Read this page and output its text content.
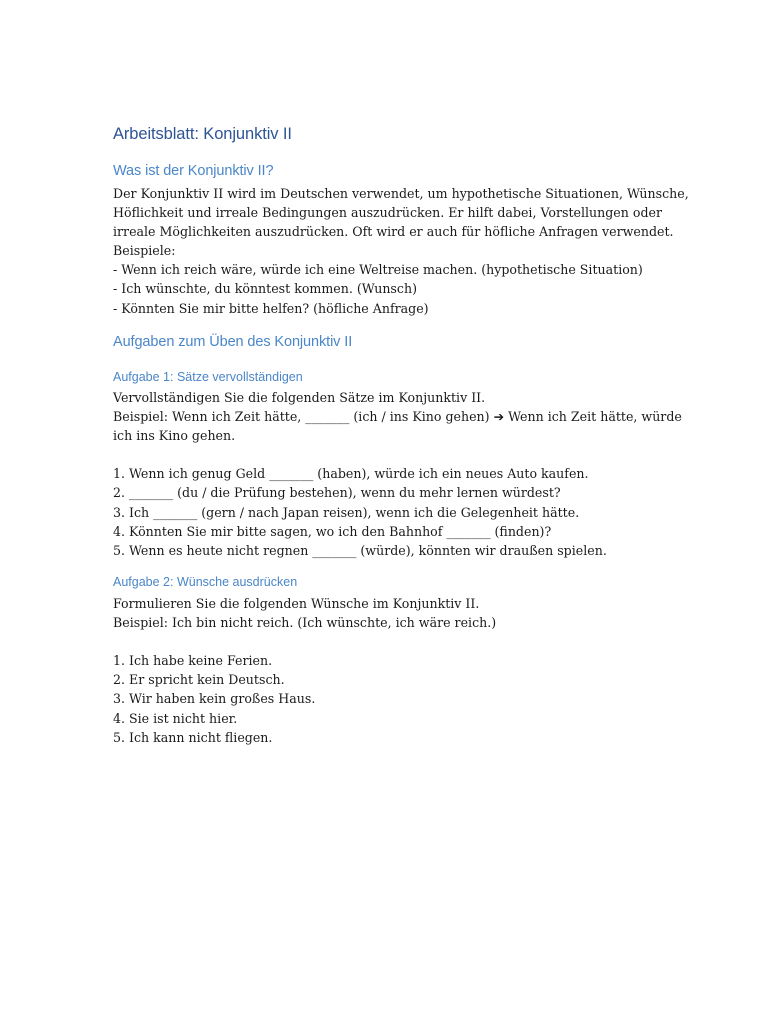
Arbeitsblatt: Konjunktiv II
Was ist der Konjunktiv II?
Der Konjunktiv II wird im Deutschen verwendet, um hypothetische Situationen, Wünsche,
Höflichkeit und irreale Bedingungen auszudrücken. Er hilft dabei, Vorstellungen oder
irreale Möglichkeiten auszudrücken. Oft wird er auch für höfliche Anfragen verwendet.
Beispiele:
- Wenn ich reich wäre, würde ich eine Weltreise machen. (hypothetische Situation)
- Ich wünschte, du könntest kommen. (Wunsch)
- Könnten Sie mir bitte helfen? (höfliche Anfrage)
Aufgaben zum Üben des Konjunktiv II
Aufgabe 1: Sätze vervollständigen
Vervollständigen Sie die folgenden Sätze im Konjunktiv II.
Beispiel: Wenn ich Zeit hätte, _______ (ich / ins Kino gehen) ➔ Wenn ich Zeit hätte, würde
ich ins Kino gehen.
1. Wenn ich genug Geld _______ (haben), würde ich ein neues Auto kaufen.
2. _______ (du / die Prüfung bestehen), wenn du mehr lernen würdest?
3. Ich _______ (gern / nach Japan reisen), wenn ich die Gelegenheit hätte.
4. Könnten Sie mir bitte sagen, wo ich den Bahnhof _______ (finden)?
5. Wenn es heute nicht regnen _______ (würde), könnten wir draußen spielen.
Aufgabe 2: Wünsche ausdrücken
Formulieren Sie die folgenden Wünsche im Konjunktiv II.
Beispiel: Ich bin nicht reich. (Ich wünschte, ich wäre reich.)
1. Ich habe keine Ferien.
2. Er spricht kein Deutsch.
3. Wir haben kein großes Haus.
4. Sie ist nicht hier.
5. Ich kann nicht fliegen.
